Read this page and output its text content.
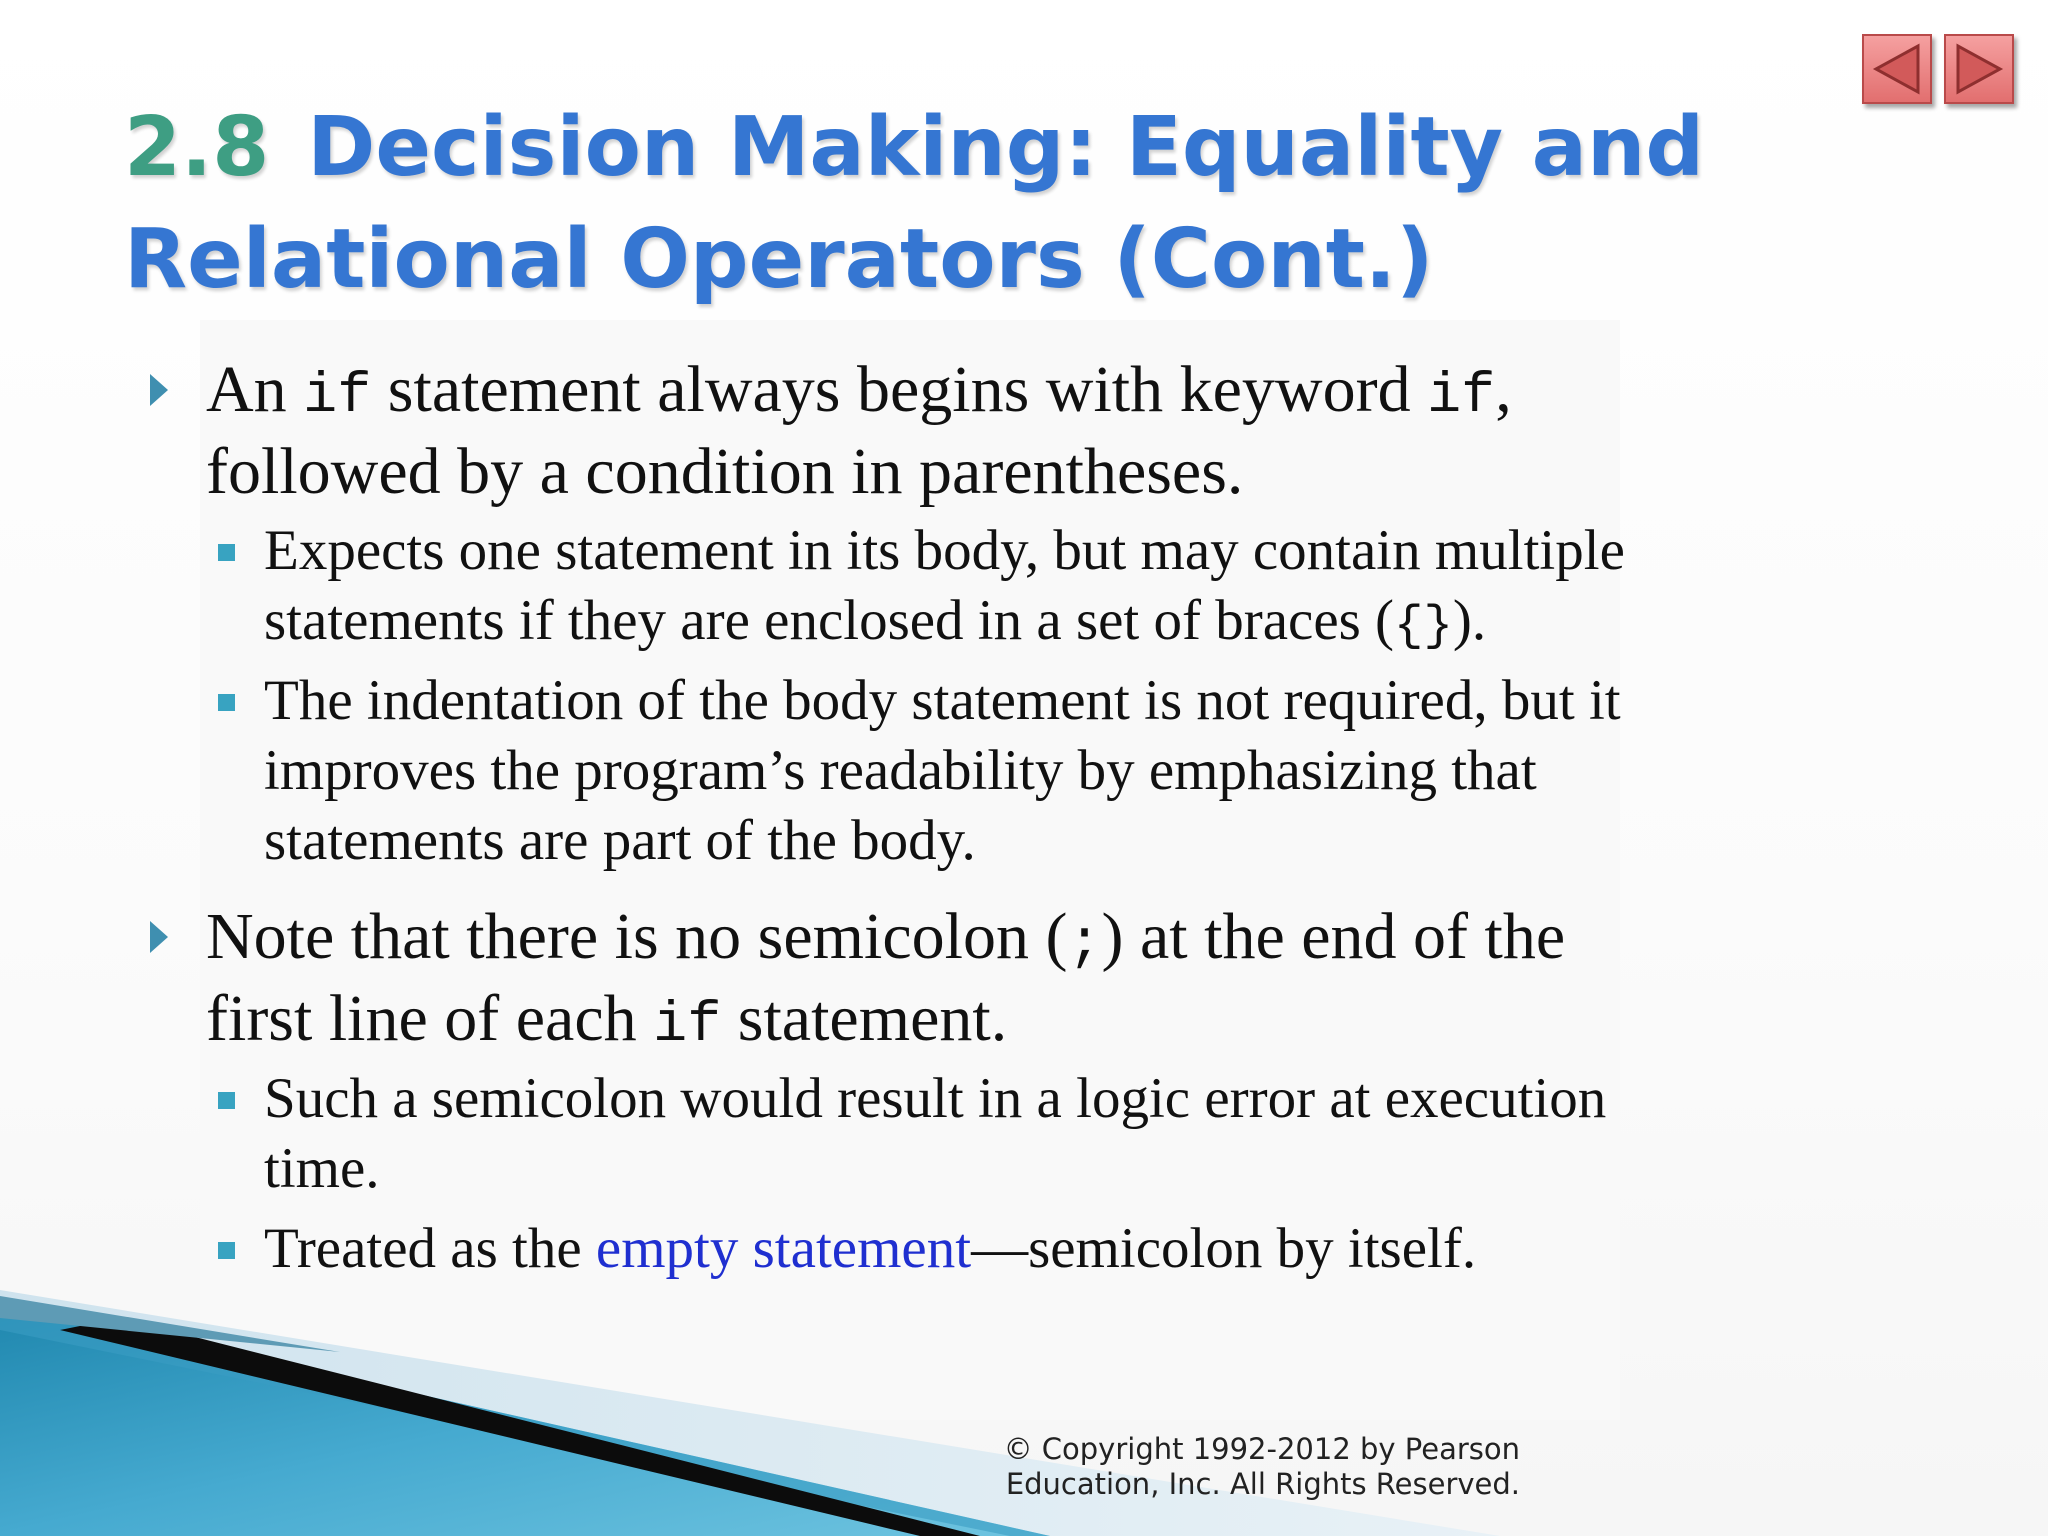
2.8 Decision Making: Equality and
Relational Operators (Cont.)
An if statement always begins with keyword if,
followed by a condition in parentheses.
Expects one statement in its body, but may contain multiple
statements if they are enclosed in a set of braces ({}).
The indentation of the body statement is not required, but it
improves the program’s readability by emphasizing that
statements are part of the body.
Note that there is no semicolon (;) at the end of the
first line of each if statement.
Such a semicolon would result in a logic error at execution
time.
Treated as the empty statement—semicolon by itself.

© Copyright 1992-2012 by Pearson
Education, Inc. All Rights Reserved.
